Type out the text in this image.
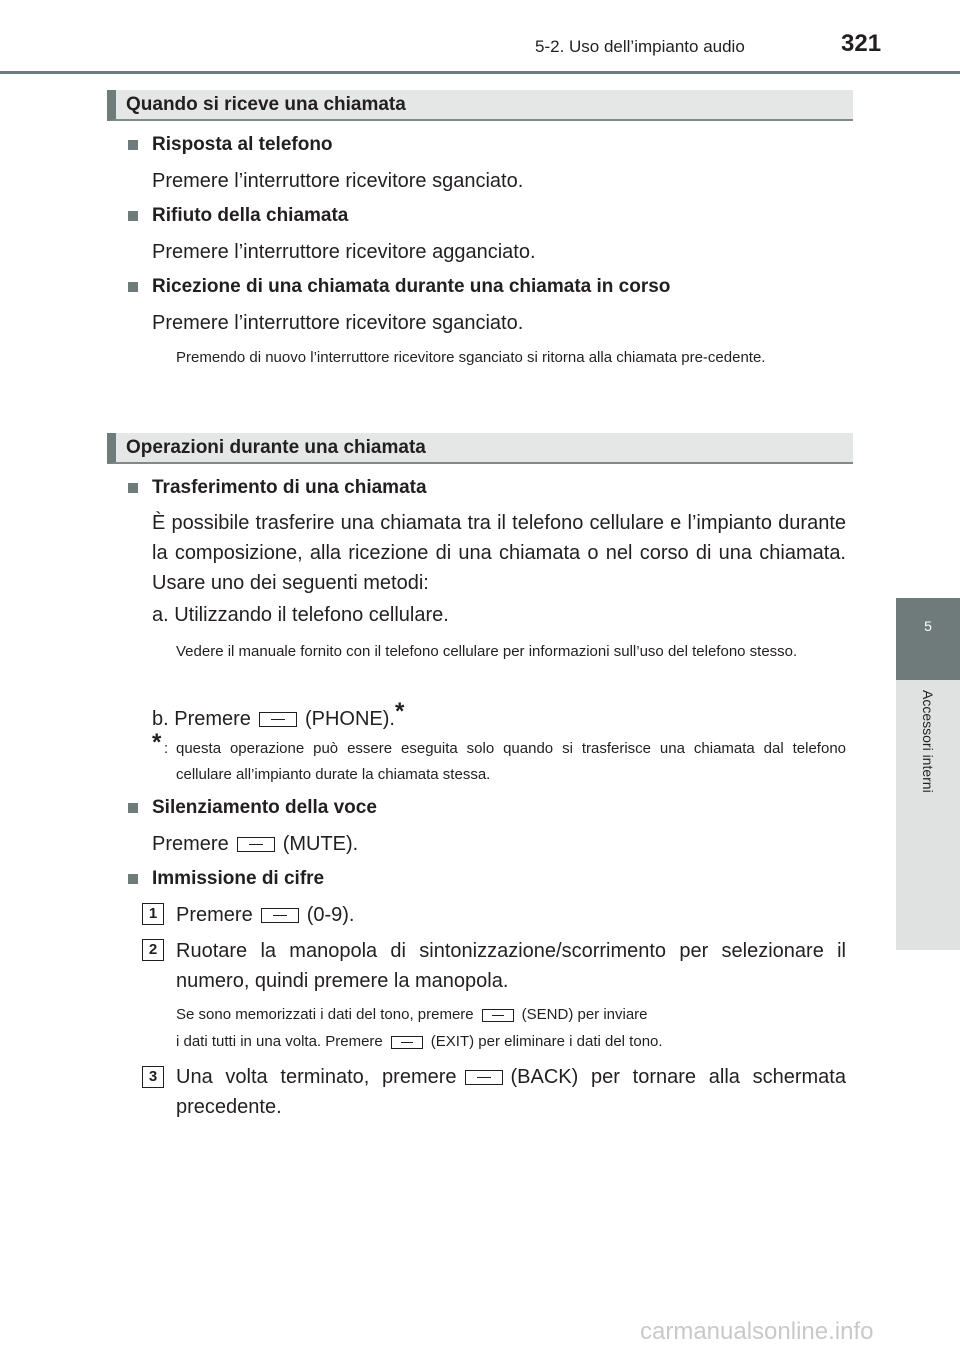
5-2. Uso dell’impianto audio	321
5
Accessori interni
Quando si riceve una chiamata
Risposta al telefono
Premere l’interruttore ricevitore sganciato.
Rifiuto della chiamata
Premere l’interruttore ricevitore agganciato.
Ricezione di una chiamata durante una chiamata in corso
Premere l’interruttore ricevitore sganciato.
Premendo di nuovo l’interruttore ricevitore sganciato si ritorna alla chiamata pre-cedente.
Operazioni durante una chiamata
Trasferimento di una chiamata
È possibile trasferire una chiamata tra il telefono cellulare e l’impianto durante la composizione, alla ricezione di una chiamata o nel corso di una chiamata. Usare uno dei seguenti metodi:
a. Utilizzando il telefono cellulare.
Vedere il manuale fornito con il telefono cellulare per informazioni sull’uso del telefono stesso.
b. Premere	(PHONE).*
* : questa operazione può essere eseguita solo quando si trasferisce una chiamata dal telefono cellulare all’impianto durate la chiamata stessa.
Silenziamento della voce
Premere	(MUTE).
Immissione di cifre
1 Premere	(0-9).
2 Ruotare la manopola di sintonizzazione/scorrimento per selezionare il numero, quindi premere la manopola.
Se sono memorizzati i dati del tono, premere	(SEND) per inviare
i dati tutti in una volta. Premere	(EXIT) per eliminare i dati del tono.
3 Una volta terminato, premere	(BACK) per tornare alla schermata precedente.
carmanualsonline.info
